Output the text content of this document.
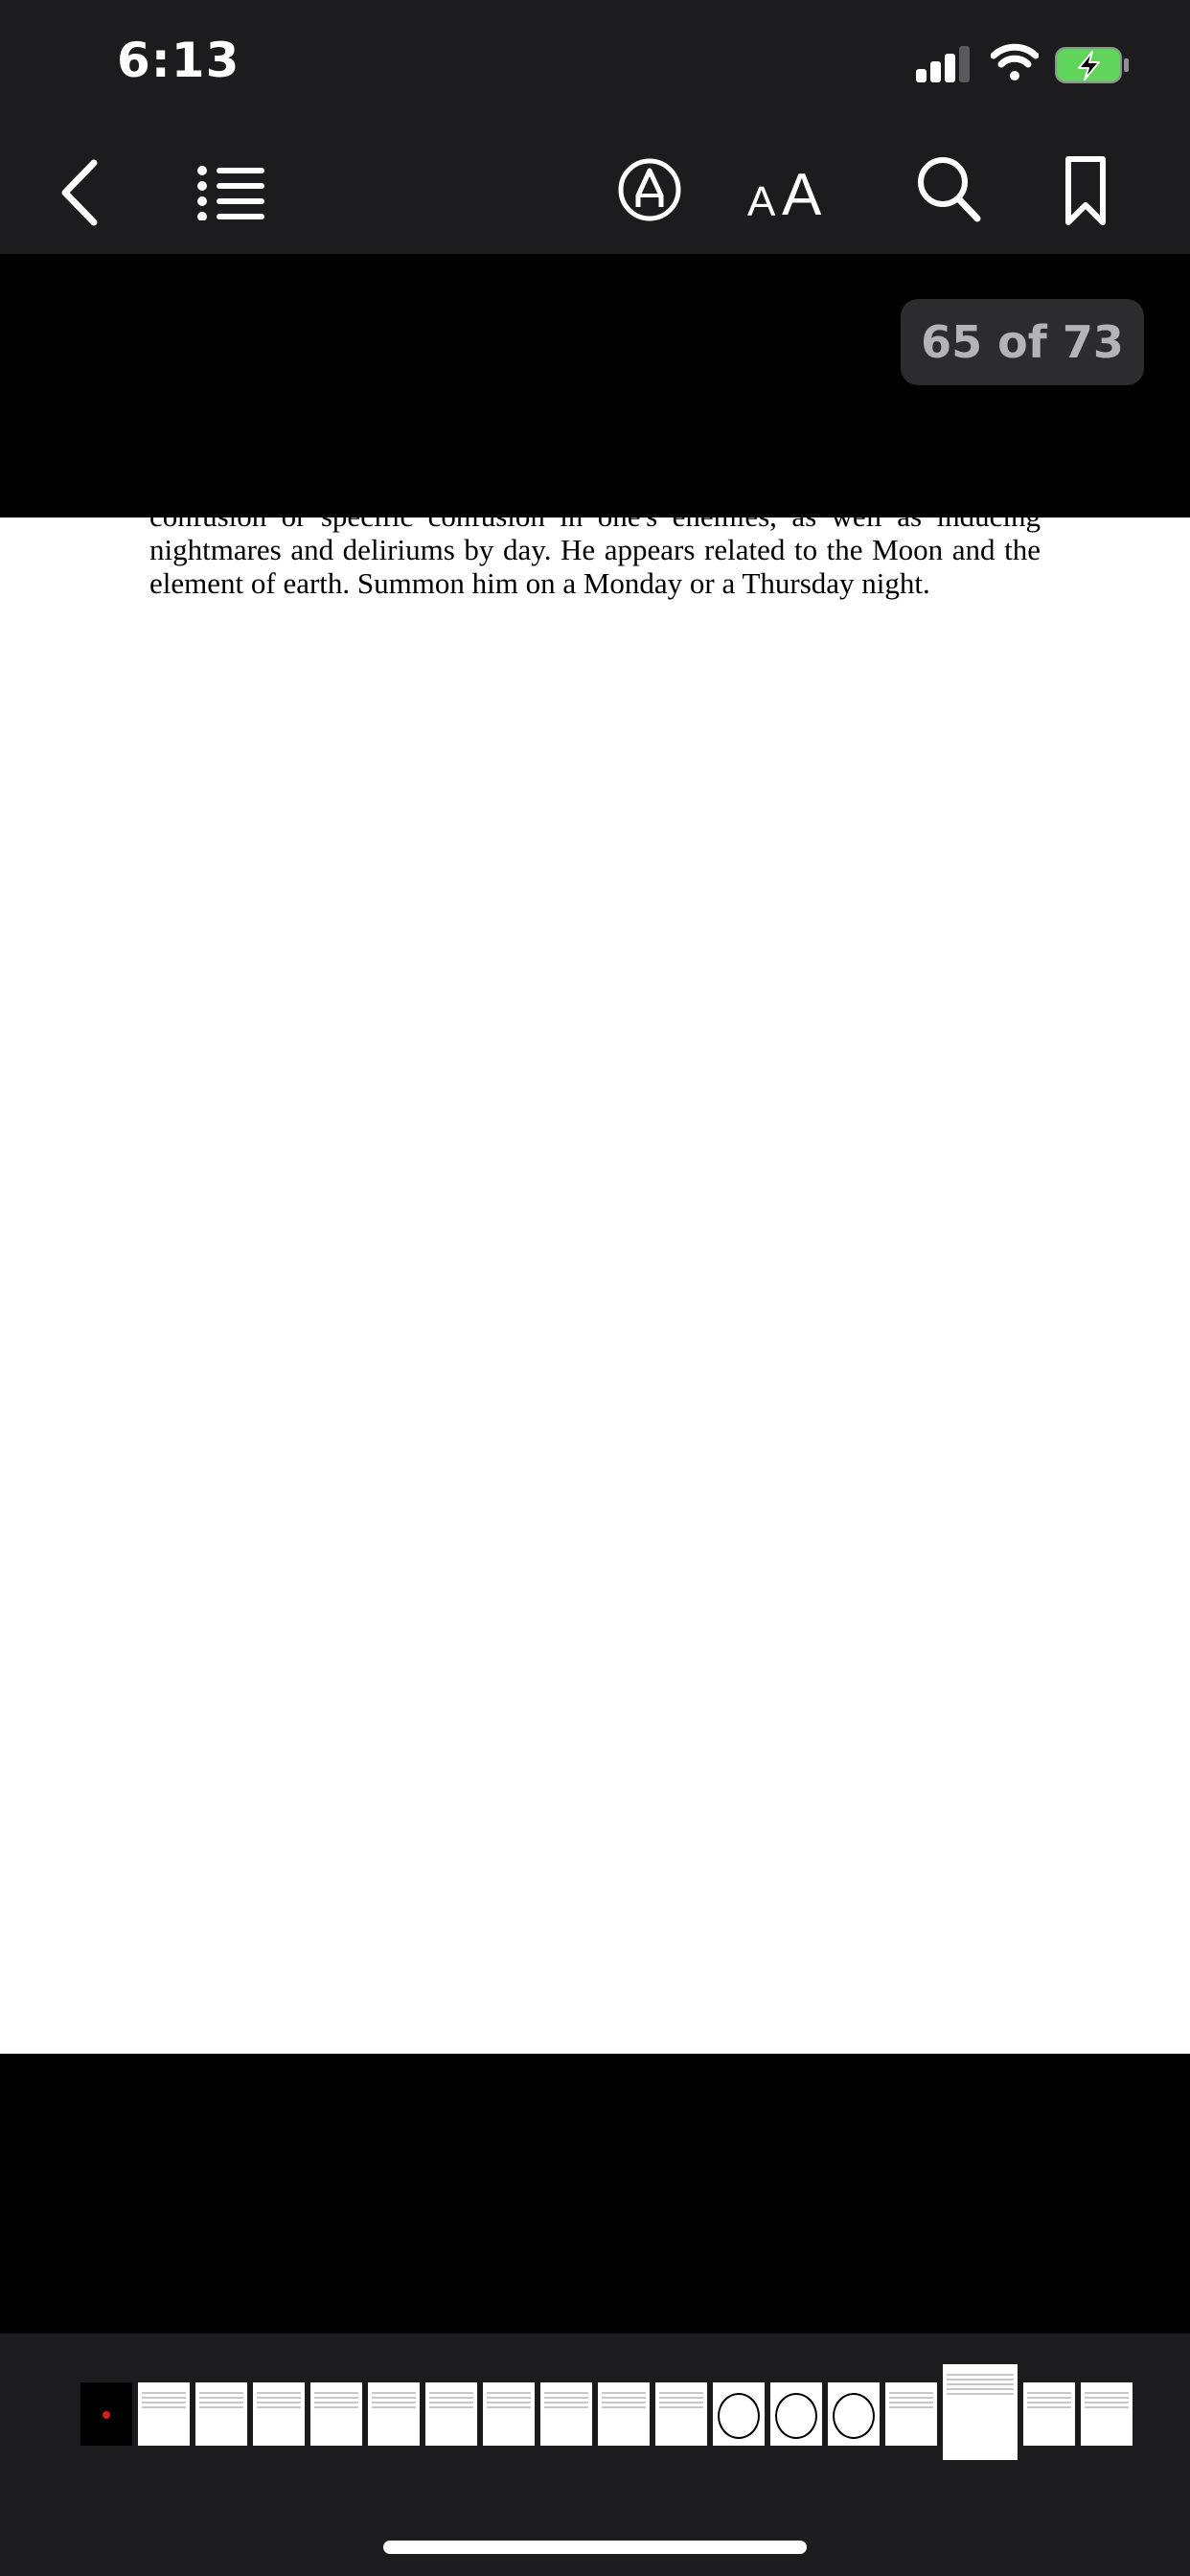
6:13
A A
65 of 73
Thagrinus (Confusion)
Thagrinus is a jinn excellent for inducing confusion, causing either general confusion or specific confusion in one's enemies, as well as inducing nightmares and deliriums by day. He appears related to the Moon and the element of earth. Summon him on a Monday or a Thursday night.
